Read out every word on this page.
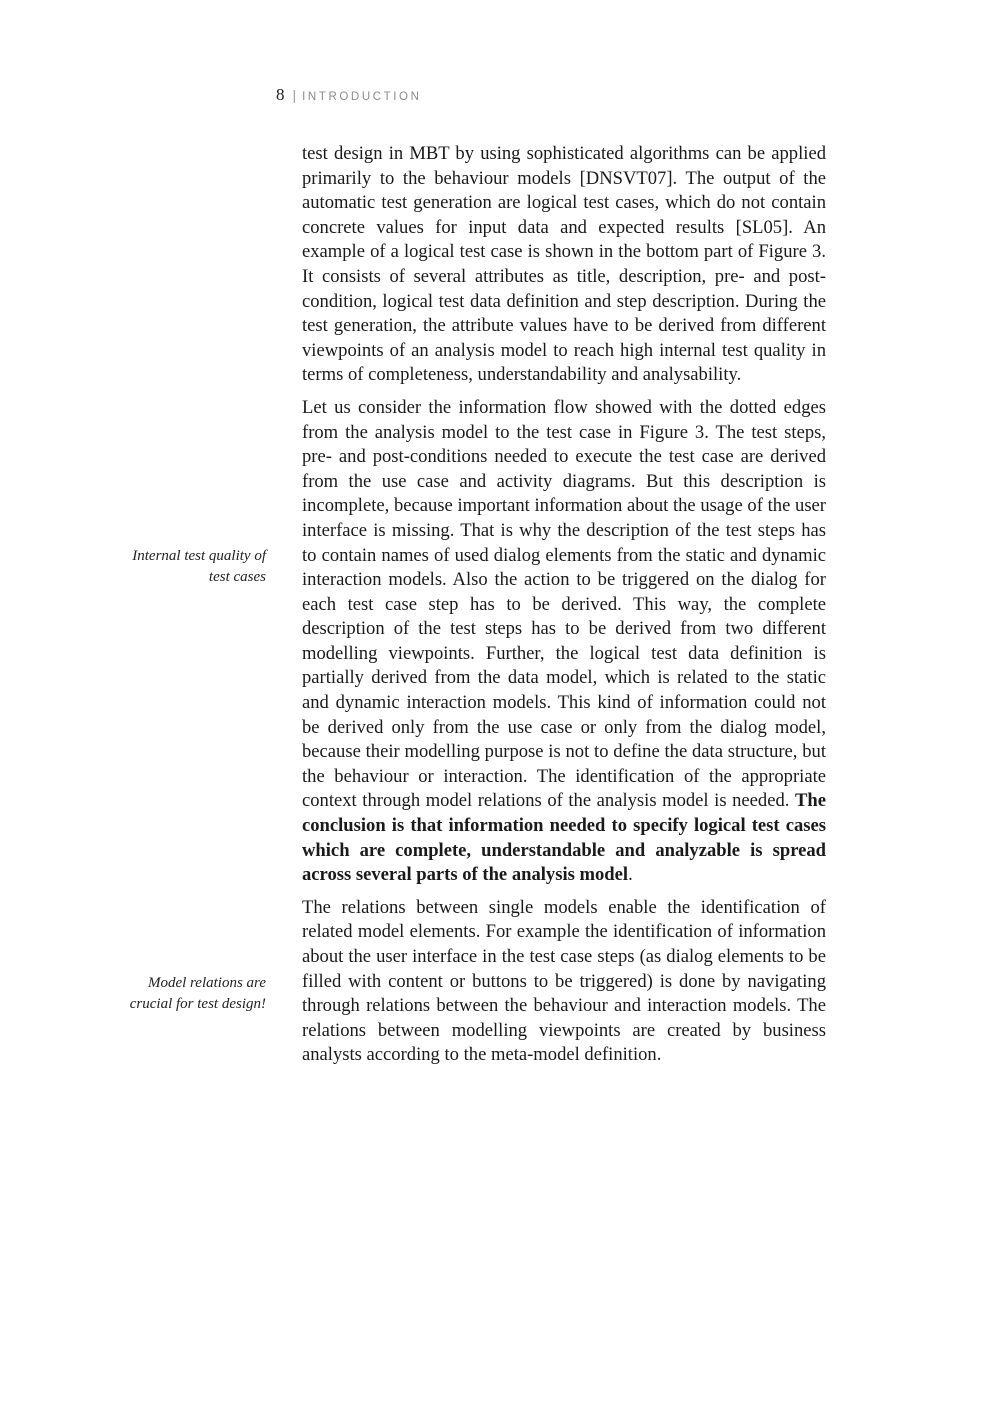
8 | INTRODUCTION
Internal test quality of test cases
Model relations are crucial for test design!

test design in MBT by using sophisticated algorithms can be applied primarily to the behaviour models [DNSVT07]. The output of the automatic test generation are logical test cases, which do not contain concrete values for input data and expected results [SL05]. An example of a logical test case is shown in the bottom part of Figure 3. It consists of several attributes as title, description, pre- and post-condition, logical test data definition and step description. During the test generation, the attribute values have to be derived from different viewpoints of an analysis model to reach high internal test quality in terms of completeness, understandability and analysability.

Let us consider the information flow showed with the dotted edges from the analysis model to the test case in Figure 3. The test steps, pre- and post-conditions needed to execute the test case are derived from the use case and activity diagrams. But this description is incomplete, because important information about the usage of the user interface is missing. That is why the description of the test steps has to contain names of used dialog elements from the static and dynamic interaction models. Also the action to be triggered on the dialog for each test case step has to be derived. This way, the complete description of the test steps has to be derived from two different modelling viewpoints. Further, the logical test data definition is partially derived from the data model, which is related to the static and dynamic interaction models. This kind of information could not be derived only from the use case or only from the dialog model, because their modelling purpose is not to define the data structure, but the behaviour or interaction. The identification of the appropriate context through model relations of the analysis model is needed. The conclusion is that information needed to specify logical test cases which are complete, understandable and analyzable is spread across several parts of the analysis model.

The relations between single models enable the identification of related model elements. For example the identification of information about the user interface in the test case steps (as dialog elements to be filled with content or buttons to be triggered) is done by navigating through relations between the behaviour and interaction models. The relations between modelling viewpoints are created by business analysts according to the meta-model definition.
